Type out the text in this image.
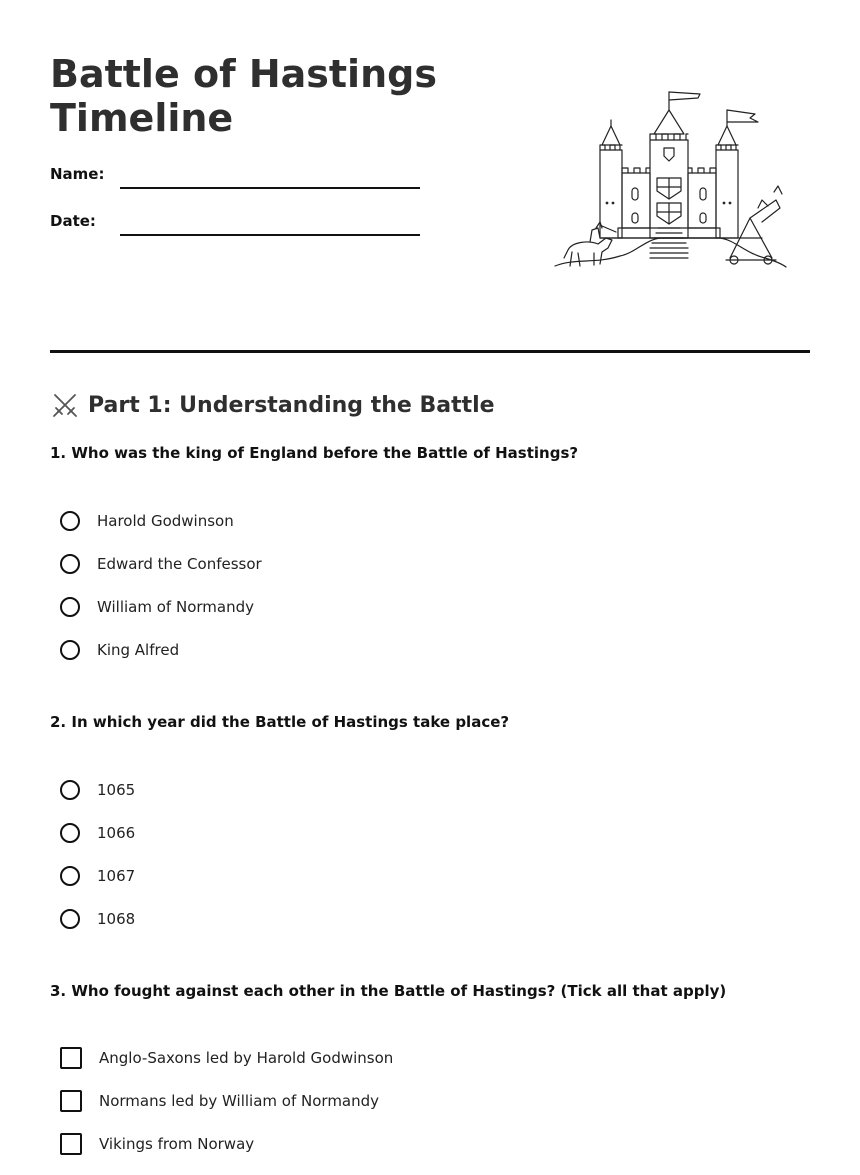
Battle of Hastings Timeline
Name:
Date:
Part 1: Understanding the Battle
1. Who was the king of England before the Battle of Hastings?
Harold Godwinson
Edward the Confessor
William of Normandy
King Alfred
2. In which year did the Battle of Hastings take place?
1065
1066
1067
1068
3. Who fought against each other in the Battle of Hastings? (Tick all that apply)
Anglo-Saxons led by Harold Godwinson
Normans led by William of Normandy
Vikings from Norway
